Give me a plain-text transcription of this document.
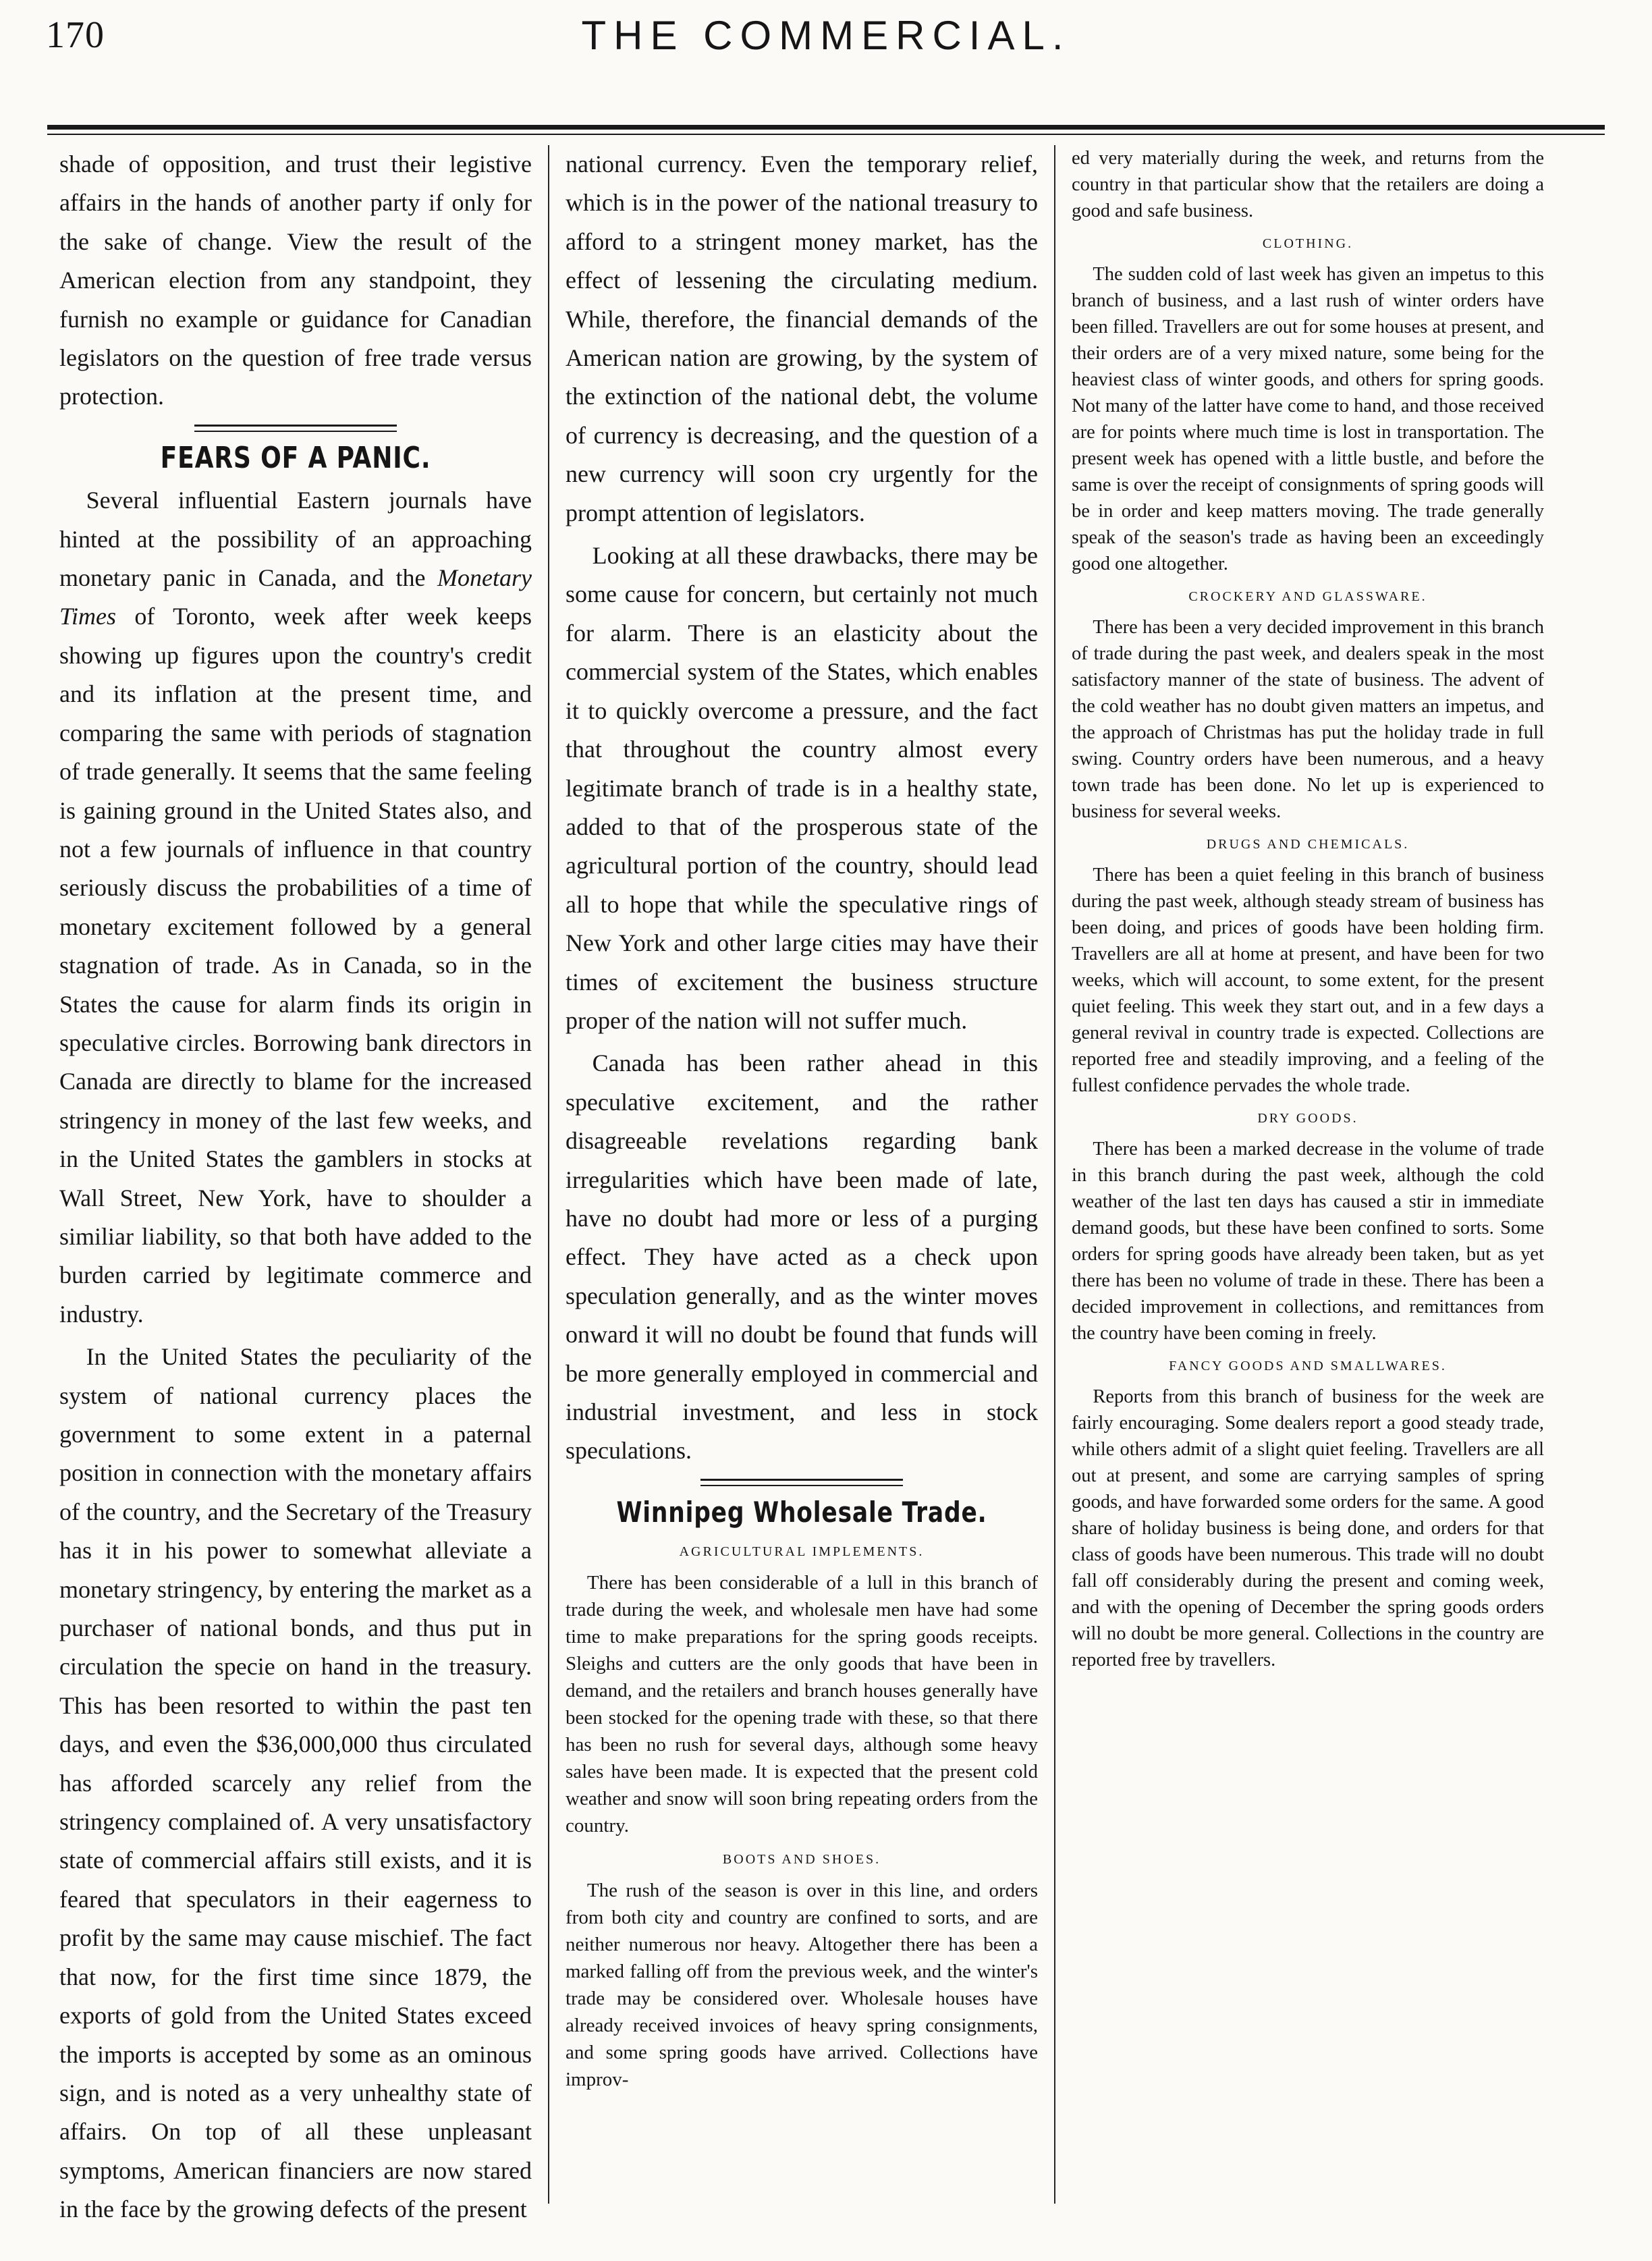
170	THE COMMERCIAL.

shade of opposition, and trust their legistive affairs in the hands of another party if only for the sake of change. View the result of the American election from any standpoint, they furnish no example or guidance for Canadian legislators on the question of free trade versus protection.

FEARS OF A PANIC.

Several influential Eastern journals have hinted at the possibility of an approaching monetary panic in Canada, and the Monetary Times of Toronto, week after week keeps showing up figures upon the country's credit and its inflation at the present time, and comparing the same with periods of stagnation of trade generally. It seems that the same feeling is gaining ground in the United States also, and not a few journals of influence in that country seriously discuss the probabilities of a time of monetary excitement followed by a general stagnation of trade. As in Canada, so in the States the cause for alarm finds its origin in speculative circles. Borrowing bank directors in Canada are directly to blame for the increased stringency in money of the last few weeks, and in the United States the gamblers in stocks at Wall Street, New York, have to shoulder a similiar liability, so that both have added to the burden carried by legitimate commerce and industry.

In the United States the peculiarity of the system of national currency places the government to some extent in a paternal position in connection with the monetary affairs of the country, and the Secretary of the Treasury has it in his power to somewhat alleviate a monetary stringency, by entering the market as a purchaser of national bonds, and thus put in circulation the specie on hand in the treasury. This has been resorted to within the past ten days, and even the $36,000,000 thus circulated has afforded scarcely any relief from the stringency complained of. A very unsatisfactory state of commercial affairs still exists, and it is feared that speculators in their eagerness to profit by the same may cause mischief. The fact that now, for the first time since 1879, the exports of gold from the United States exceed the imports is accepted by some as an ominous sign, and is noted as a very unhealthy state of affairs. On top of all these unpleasant symptoms, American financiers are now stared in the face by the growing defects of the present

national currency. Even the temporary relief, which is in the power of the national treasury to afford to a stringent money market, has the effect of lessening the circulating medium. While, therefore, the financial demands of the American nation are growing, by the system of the extinction of the national debt, the volume of currency is decreasing, and the question of a new currency will soon cry urgently for the prompt attention of legislators.

Looking at all these drawbacks, there may be some cause for concern, but certainly not much for alarm. There is an elasticity about the commercial system of the States, which enables it to quickly overcome a pressure, and the fact that throughout the country almost every legitimate branch of trade is in a healthy state, added to that of the prosperous state of the agricultural portion of the country, should lead all to hope that while the speculative rings of New York and other large cities may have their times of excitement the business structure proper of the nation will not suffer much.

Canada has been rather ahead in this speculative excitement, and the rather disagreeable revelations regarding bank irregularities which have been made of late, have no doubt had more or less of a purging effect. They have acted as a check upon speculation generally, and as the winter moves onward it will no doubt be found that funds will be more generally employed in commercial and industrial investment, and less in stock speculations.

Winnipeg Wholesale Trade.
AGRICULTURAL IMPLEMENTS.

There has been considerable of a lull in this branch of trade during the week, and wholesale men have had some time to make preparations for the spring goods receipts. Sleighs and cutters are the only goods that have been in demand, and the retailers and branch houses generally have been stocked for the opening trade with these, so that there has been no rush for several days, although some heavy sales have been made. It is expected that the present cold weather and snow will soon bring repeating orders from the country.

BOOTS AND SHOES.

The rush of the season is over in this line, and orders from both city and country are confined to sorts, and are neither numerous nor heavy. Altogether there has been a marked falling off from the previous week, and the winter's trade may be considered over. Wholesale houses have already received invoices of heavy spring consignments, and some spring goods have arrived. Collections have improv-

ed very materially during the week, and returns from the country in that particular show that the retailers are doing a good and safe business.

CLOTHING.

The sudden cold of last week has given an impetus to this branch of business, and a last rush of winter orders have been filled. Travellers are out for some houses at present, and their orders are of a very mixed nature, some being for the heaviest class of winter goods, and others for spring goods. Not many of the latter have come to hand, and those received are for points where much time is lost in transportation. The present week has opened with a little bustle, and before the same is over the receipt of consignments of spring goods will be in order and keep matters moving. The trade generally speak of the season's trade as having been an exceedingly good one altogether.

CROCKERY AND GLASSWARE.

There has been a very decided improvement in this branch of trade during the past week, and dealers speak in the most satisfactory manner of the state of business. The advent of the cold weather has no doubt given matters an impetus, and the approach of Christmas has put the holiday trade in full swing. Country orders have been numerous, and a heavy town trade has been done. No let up is experienced to business for several weeks.

DRUGS AND CHEMICALS.

There has been a quiet feeling in this branch of business during the past week, although steady stream of business has been doing, and prices of goods have been holding firm. Travellers are all at home at present, and have been for two weeks, which will account, to some extent, for the present quiet feeling. This week they start out, and in a few days a general revival in country trade is expected. Collections are reported free and steadily improving, and a feeling of the fullest confidence pervades the whole trade.

DRY GOODS.

There has been a marked decrease in the volume of trade in this branch during the past week, although the cold weather of the last ten days has caused a stir in immediate demand goods, but these have been confined to sorts. Some orders for spring goods have already been taken, but as yet there has been no volume of trade in these. There has been a decided improvement in collections, and remittances from the country have been coming in freely.

FANCY GOODS AND SMALLWARES.

Reports from this branch of business for the week are fairly encouraging. Some dealers report a good steady trade, while others admit of a slight quiet feeling. Travellers are all out at present, and some are carrying samples of spring goods, and have forwarded some orders for the same. A good share of holiday business is being done, and orders for that class of goods have been numerous. This trade will no doubt fall off considerably during the present and coming week, and with the opening of December the spring goods orders will no doubt be more general. Collections in the country are reported free by travellers.
